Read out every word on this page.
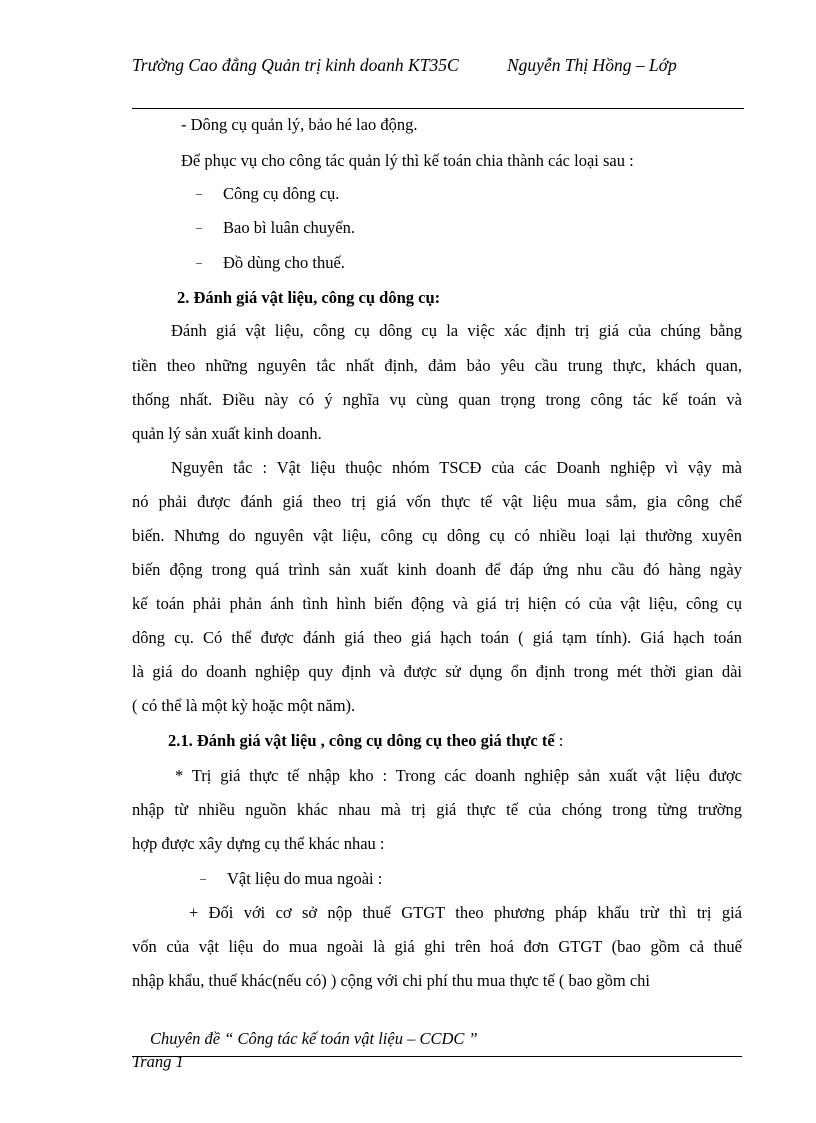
Trường Cao đẳng Quản trị kinh doanh KT35C	Nguyễn Thị Hồng – Lớp
- Dông cụ quản lý, bảo hé lao động.
Để phục vụ cho công tác quản lý thì kế toán chia thành các loại sau :
‒ Công cụ dông cụ.
‒ Bao bì luân chuyển.
‒ Đồ dùng cho thuế.
2. Đánh giá vật liệu, công cụ dông cụ:
Đánh giá vật liệu, công cụ dông cụ la việc xác định trị giá của chúng bằng
tiền theo những nguyên tắc nhất định, đảm bảo yêu cầu trung thực, khách quan,
thống nhất. Điều này có ý nghĩa vụ cùng quan trọng trong công tác kế toán và
quản lý sản xuất kinh doanh.
Nguyên tắc : Vật liệu thuộc nhóm TSCĐ của các Doanh nghiệp vì vậy mà
nó phải được đánh giá theo trị giá vốn thực tế vật liệu mua sắm, gia công chế
biến. Nhưng do nguyên vật liệu, công cụ dông cụ có nhiều loại lại thường xuyên
biến động trong quá trình sản xuất kinh doanh để đáp ứng nhu cầu đó hàng ngày
kế toán phải phản ánh tình hình biến động và giá trị hiện có của vật liệu, công cụ
dông cụ. Có thể được đánh giá theo giá hạch toán ( giá tạm tính). Giá hạch toán
là giá do doanh nghiệp quy định và được sử dụng ổn định trong mét thời gian dài
( có thể là một kỳ hoặc một năm).
2.1. Đánh giá vật liệu , công cụ dông cụ theo giá thực tế :
* Trị giá thực tế nhập kho : Trong các doanh nghiệp sản xuất vật liệu được
nhập từ nhiều nguồn khác nhau mà trị giá thực tế của chóng trong từng trường
hợp được xây dựng cụ thể khác nhau :
‒ Vật liệu do mua ngoài :
+ Đối với cơ sở nộp thuế GTGT theo phương pháp khẩu trừ thì trị giá
vốn của vật liệu do mua ngoài là giá ghi trên hoá đơn GTGT (bao gồm cả thuế
nhập khẩu, thuế khác(nếu có) ) cộng với chi phí thu mua thực tế ( bao gồm chi
Chuyên đề “ Công tác kế toán vật liệu – CCDC ”
Trang 1
